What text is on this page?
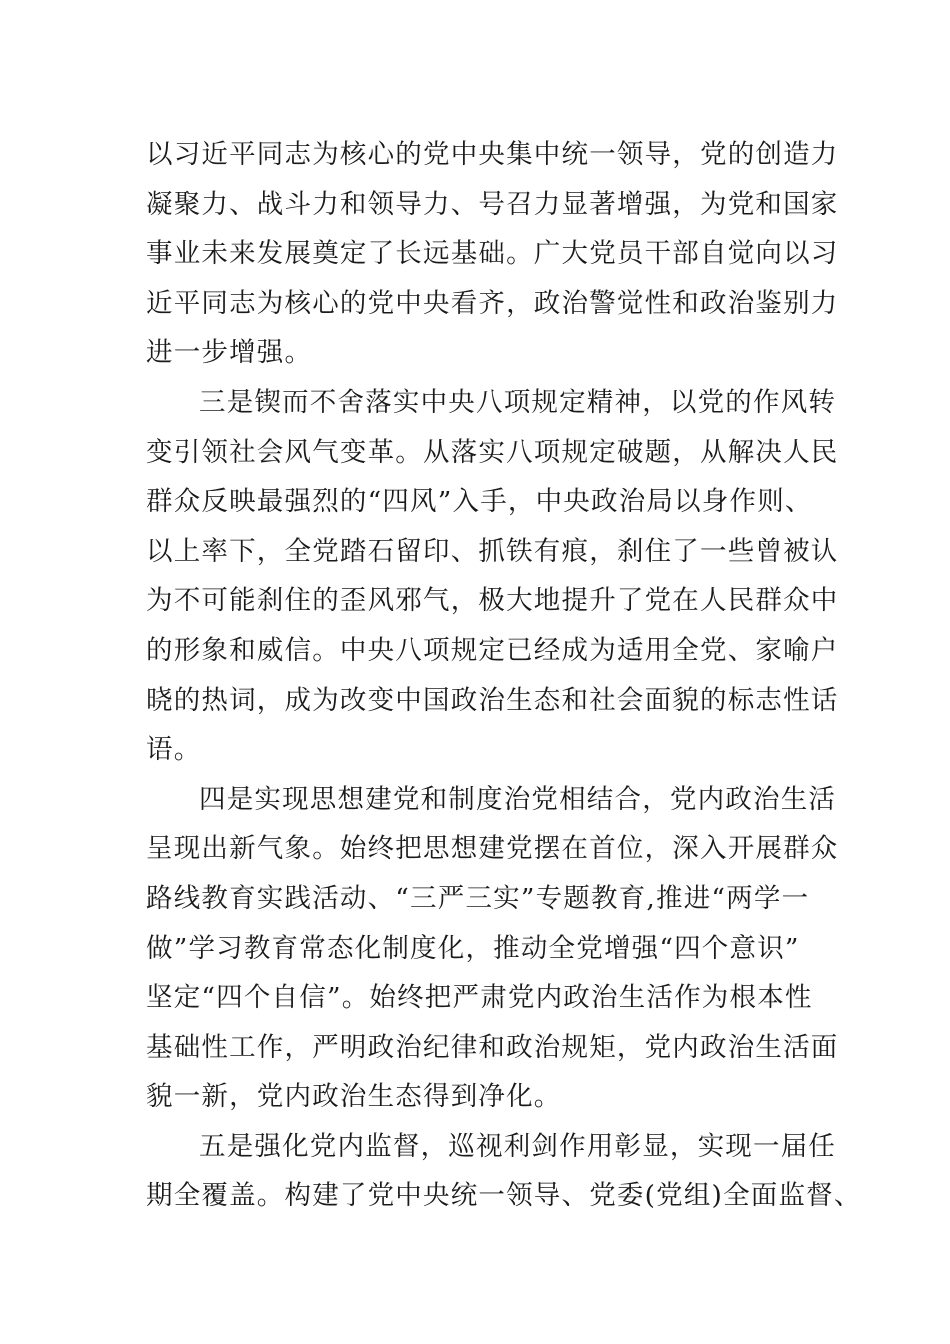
以习近平同志为核心的党中央集中统一领导，党的创造力
凝聚力、战斗力和领导力、号召力显著增强，为党和国家
事业未来发展奠定了长远基础。广大党员干部自觉向以习
近平同志为核心的党中央看齐，政治警觉性和政治鉴别力
进一步增强。
三是锲而不舍落实中央八项规定精神，以党的作风转
变引领社会风气变革。从落实八项规定破题，从解决人民
群众反映最强烈的“四风”入手，中央政治局以身作则、
以上率下，全党踏石留印、抓铁有痕，刹住了一些曾被认
为不可能刹住的歪风邪气，极大地提升了党在人民群众中
的形象和威信。中央八项规定已经成为适用全党、家喻户
晓的热词，成为改变中国政治生态和社会面貌的标志性话
语。
四是实现思想建党和制度治党相结合，党内政治生活
呈现出新气象。始终把思想建党摆在首位，深入开展群众
路线教育实践活动、“三严三实”专题教育,推进“两学一
做”学习教育常态化制度化，推动全党增强“四个意识”
坚定“四个自信”。始终把严肃党内政治生活作为根本性
基础性工作，严明政治纪律和政治规矩，党内政治生活面
貌一新，党内政治生态得到净化。
五是强化党内监督，巡视利剑作用彰显，实现一届任
期全覆盖。构建了党中央统一领导、党委(党组)全面监督、
